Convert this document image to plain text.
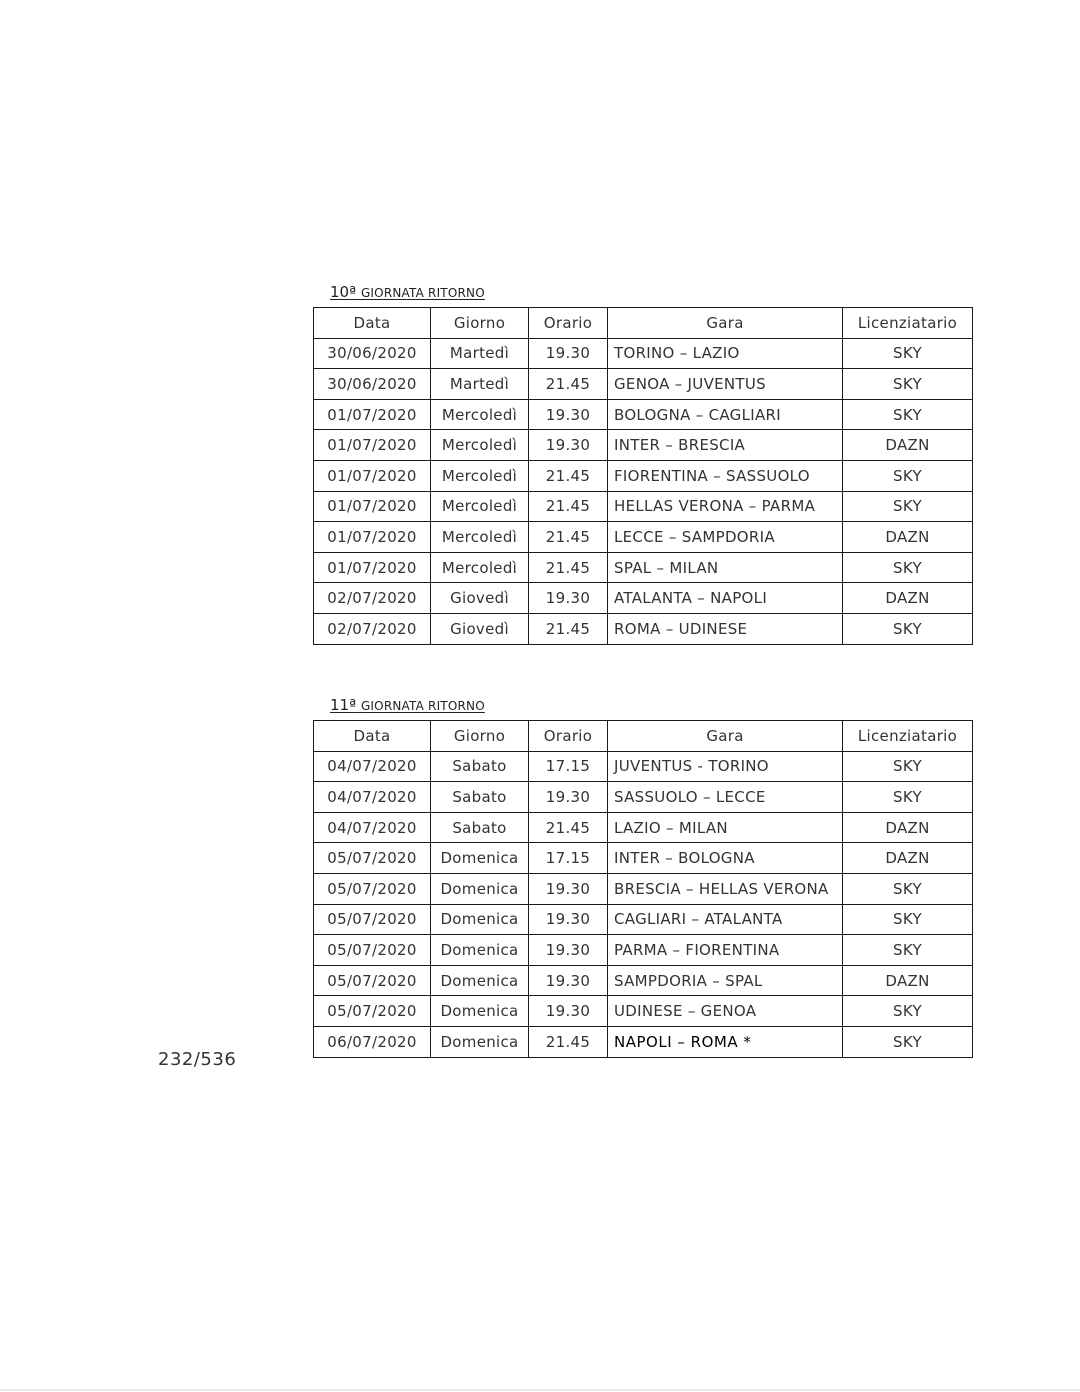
10ª GIORNATA RITORNO
Data	Giorno	Orario	Gara	Licenziatario
30/06/2020	Martedì	19.30	TORINO – LAZIO	SKY
30/06/2020	Martedì	21.45	GENOA – JUVENTUS	SKY
01/07/2020	Mercoledì	19.30	BOLOGNA – CAGLIARI	SKY
01/07/2020	Mercoledì	19.30	INTER – BRESCIA	DAZN
01/07/2020	Mercoledì	21.45	FIORENTINA – SASSUOLO	SKY
01/07/2020	Mercoledì	21.45	HELLAS VERONA – PARMA	SKY
01/07/2020	Mercoledì	21.45	LECCE – SAMPDORIA	DAZN
01/07/2020	Mercoledì	21.45	SPAL – MILAN	SKY
02/07/2020	Giovedì	19.30	ATALANTA – NAPOLI	DAZN
02/07/2020	Giovedì	21.45	ROMA – UDINESE	SKY
11ª GIORNATA RITORNO
Data	Giorno	Orario	Gara	Licenziatario
04/07/2020	Sabato	17.15	JUVENTUS - TORINO	SKY
04/07/2020	Sabato	19.30	SASSUOLO – LECCE	SKY
04/07/2020	Sabato	21.45	LAZIO – MILAN	DAZN
05/07/2020	Domenica	17.15	INTER – BOLOGNA	DAZN
05/07/2020	Domenica	19.30	BRESCIA – HELLAS VERONA	SKY
05/07/2020	Domenica	19.30	CAGLIARI – ATALANTA	SKY
05/07/2020	Domenica	19.30	PARMA – FIORENTINA	SKY
05/07/2020	Domenica	19.30	SAMPDORIA – SPAL	DAZN
05/07/2020	Domenica	19.30	UDINESE – GENOA	SKY
06/07/2020	Domenica	21.45	NAPOLI – ROMA *	SKY
232/536
